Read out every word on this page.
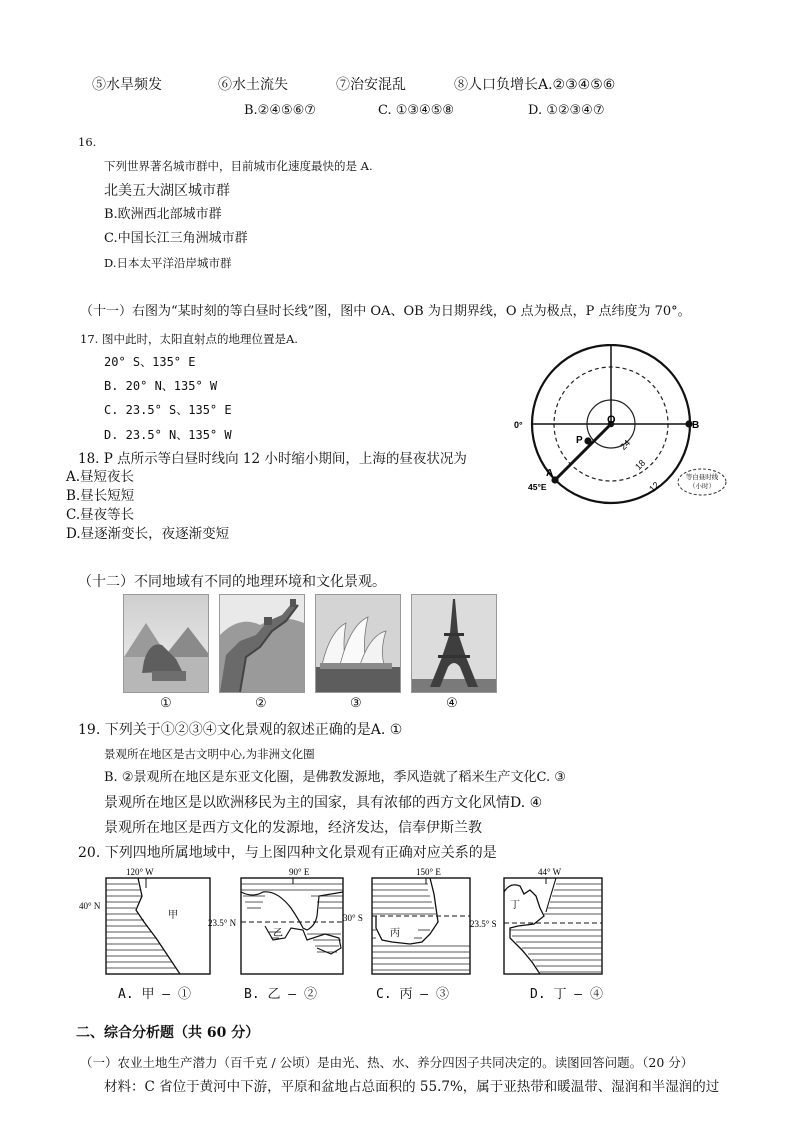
⑤水旱频发	⑥水土流失	⑦治安混乱	⑧人口负增长A.②③④⑤⑥
B.②④⑤⑥⑦	C. ①③④⑤⑧	D. ①②③④⑦
16.
下列世界著名城市群中，目前城市化速度最快的是 A.
北美五大湖区城市群
B.欧洲西北部城市群
C.中国长江三角洲城市群
D.日本太平洋沿岸城市群
（十一）右图为“某时刻的等白昼时长线”图，图中 OA、OB 为日期界线，O 点为极点，P 点纬度为 70°。
17. 图中此时，太阳直射点的地理位置是A.
20° S、135° E
B. 20° N、135° W
C. 23.5° S、135° E
D. 23.5° N、135° W
18. P 点所示等白昼时线向 12 小时缩小期间，上海的昼夜状况为
A.昼短夜长
B.昼长短短
C.昼夜等长
D.昼逐渐变长，夜逐渐变短
O
P
B
A
0°
45°E
24
18
12
等白昼时线
（小时）
（十二）不同地域有不同的地理环境和文化景观。
①	②	③	④
19. 下列关于①②③④文化景观的叙述正确的是A. ①
景观所在地区是古文明中心,为非洲文化圈
B. ②景观所在地区是东亚文化圈，是佛教发源地，季风造就了稻米生产文化C. ③
景观所在地区是以欧洲移民为主的国家，具有浓郁的西方文化风情D. ④
景观所在地区是西方文化的发源地，经济发达，信奉伊斯兰教
20. 下列四地所属地域中，与上图四种文化景观有正确对应关系的是
120° W
40° N
甲
90° E
23.5° N
乙
150° E
30° S
丙
44° W
23.5° S
丁
A. 甲 – ①	B. 乙 – ②	C. 丙 – ③	D. 丁 – ④
二、综合分析题（共 60 分）
（一）农业土地生产潜力（百千克 / 公顷）是由光、热、水、养分四因子共同决定的。读图回答问题。（20 分）
材料：C 省位于黄河中下游，平原和盆地占总面积的 55.7%，属于亚热带和暖温带、湿润和半湿润的过
